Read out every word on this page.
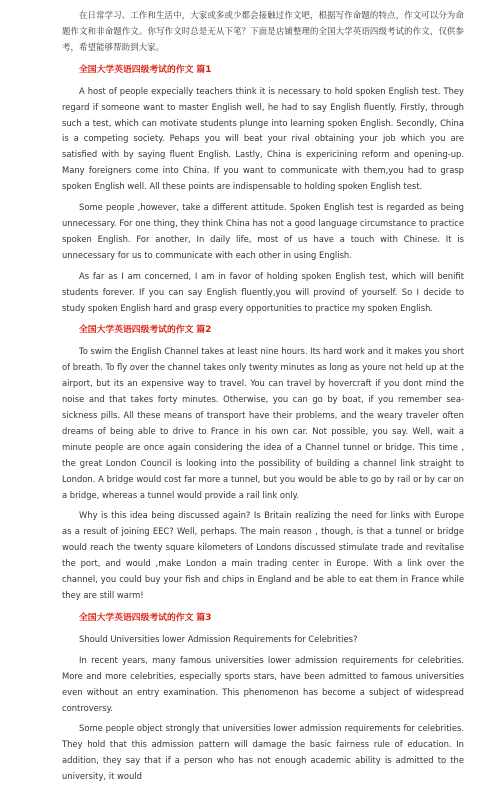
在日常学习、工作和生活中，大家或多或少都会接触过作文吧，根据写作命题的特点，作文可以分为命题作文和非命题作文。你写作文时总是无从下笔？下面是店铺整理的全国大学英语四级考试的作文，仅供参考，希望能够帮助到大家。

全国大学英语四级考试的作文 篇1

A host of people expecially teachers think it is necessary to hold spoken English test. They regard if someone want to master English well, he had to say English fluently. Firstly, through such a test, which can motivate students plunge into learning spoken English. Secondly, China is a competing society. Pehaps you will beat your rival obtaining your job which you are satisfied with by saying fluent English. Lastly, China is expericining reform and opening-up. Many foreigners come into China. If you want to communicate with them,you had to grasp spoken English well. All these points are indispensable to holding spoken English test.

Some people ,however, take a different attitude. Spoken English test is regarded as being unnecessary. For one thing, they think China has not a good language circumstance to practice spoken English. For another, In daily life, most of us have a touch with Chinese. It is unnecessary for us to communicate with each other in using English.

As far as I am concerned, I am in favor of holding spoken English test, which will benifit students forever. If you can say English fluently,you will provind of yourself. So I decide to study spoken English hard and grasp every opportunities to practice my spoken English.

全国大学英语四级考试的作文 篇2

To swim the English Channel takes at least nine hours. Its hard work and it makes you short of breath. To fly over the channel takes only twenty minutes as long as youre not held up at the airport, but its an expensive way to travel. You can travel by hovercraft if you dont mind the noise and that takes forty minutes. Otherwise, you can go by boat, if you remember sea-sickness pills. All these means of transport have their problems, and the weary traveler often dreams of being able to drive to France in his own car. Not possible, you say. Well, wait a minute people are once again considering the idea of a Channel tunnel or bridge. This time , the great London Council is looking into the possibility of building a channel link straight to London. A bridge would cost far more a tunnel, but you would be able to go by rail or by car on a bridge, whereas a tunnel would provide a rail link only.

Why is this idea being discussed again? Is Britain realizing the need for links with Europe as a result of joining EEC? Well, perhaps. The main reason , though, is that a tunnel or bridge would reach the twenty square kilometers of Londons discussed stimulate trade and revitalise the port, and would ,make London a main trading center in Europe. With a link over the channel, you could buy your fish and chips in England and be able to eat them in France while they are still warm!

全国大学英语四级考试的作文 篇3

Should Universities lower Admission Requirements for Celebrities?

In recent years, many famous universities lower admission requirements for celebrities. More and more celebrities, especially sports stars, have been admitted to famous universities even without an entry examination. This phenomenon has become a subject of widespread controversy.

Some people object strongly that universities lower admission requirements for celebrities. They hold that this admission pattern will damage the basic fairness rule of education. In addition, they say that if a person who has not enough academic ability is admitted to the university, it would
